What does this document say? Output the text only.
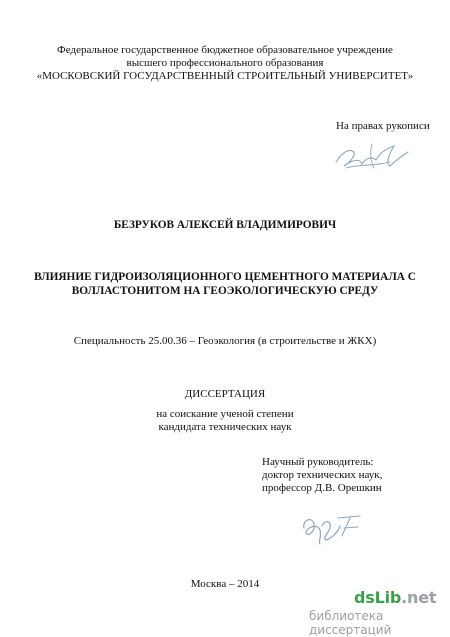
Федеральное государственное бюджетное образовательное учреждение
высшего профессионального образования
«МОСКОВСКИЙ ГОСУДАРСТВЕННЫЙ СТРОИТЕЛЬНЫЙ УНИВЕРСИТЕТ»
На правах рукописи
БЕЗРУКОВ АЛЕКСЕЙ ВЛАДИМИРОВИЧ
ВЛИЯНИЕ ГИДРОИЗОЛЯЦИОННОГО ЦЕМЕНТНОГО МАТЕРИАЛА С
ВОЛЛАСТОНИТОМ НА ГЕОЭКОЛОГИЧЕСКУЮ СРЕДУ
Специальность 25.00.36 – Геоэкология (в строительстве и ЖКХ)
ДИССЕРТАЦИЯ
на соискание ученой степени
кандидата технических наук
Научный руководитель:
доктор технических наук,
профессор Д.В. Орешкин
Москва – 2014
dsLib.net
библиотека диссертаций
